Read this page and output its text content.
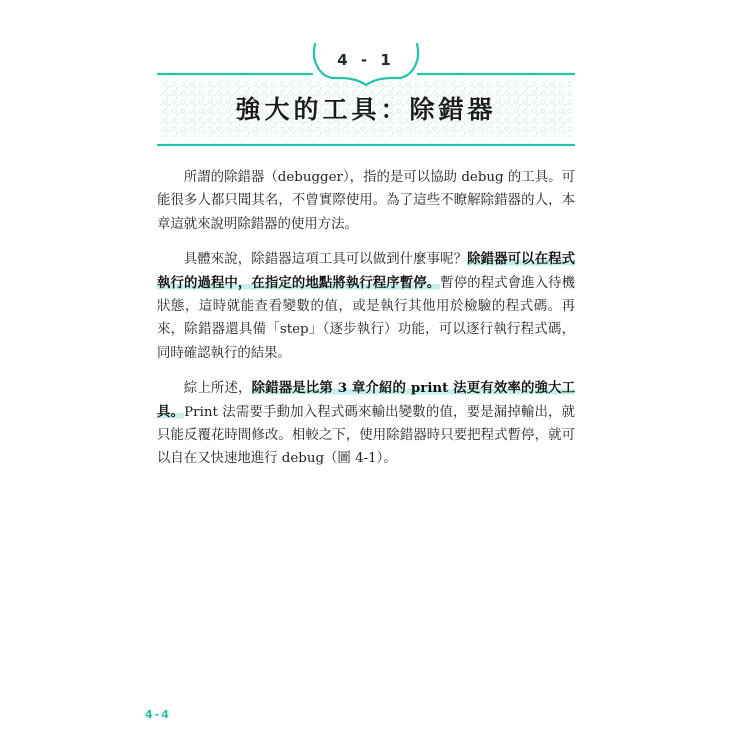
4 - 1
強大的工具：除錯器

所謂的除錯器（debugger），指的是可以協助 debug 的工具。可能很多人都只聞其名，不曾實際使用。為了這些不瞭解除錯器的人，本章這就來說明除錯器的使用方法。

具體來說，除錯器這項工具可以做到什麼事呢？除錯器可以在程式執行的過程中，在指定的地點將執行程序暫停。暫停的程式會進入待機狀態，這時就能查看變數的值，或是執行其他用於檢驗的程式碼。再來，除錯器還具備「step」（逐步執行）功能，可以逐行執行程式碼，同時確認執行的結果。

綜上所述，除錯器是比第 3 章介紹的 print 法更有效率的強大工具。Print 法需要手動加入程式碼來輸出變數的值，要是漏掉輸出，就只能反覆花時間修改。相較之下，使用除錯器時只要把程式暫停，就可以自在又快速地進行 debug（圖 4-1）。

4-4
